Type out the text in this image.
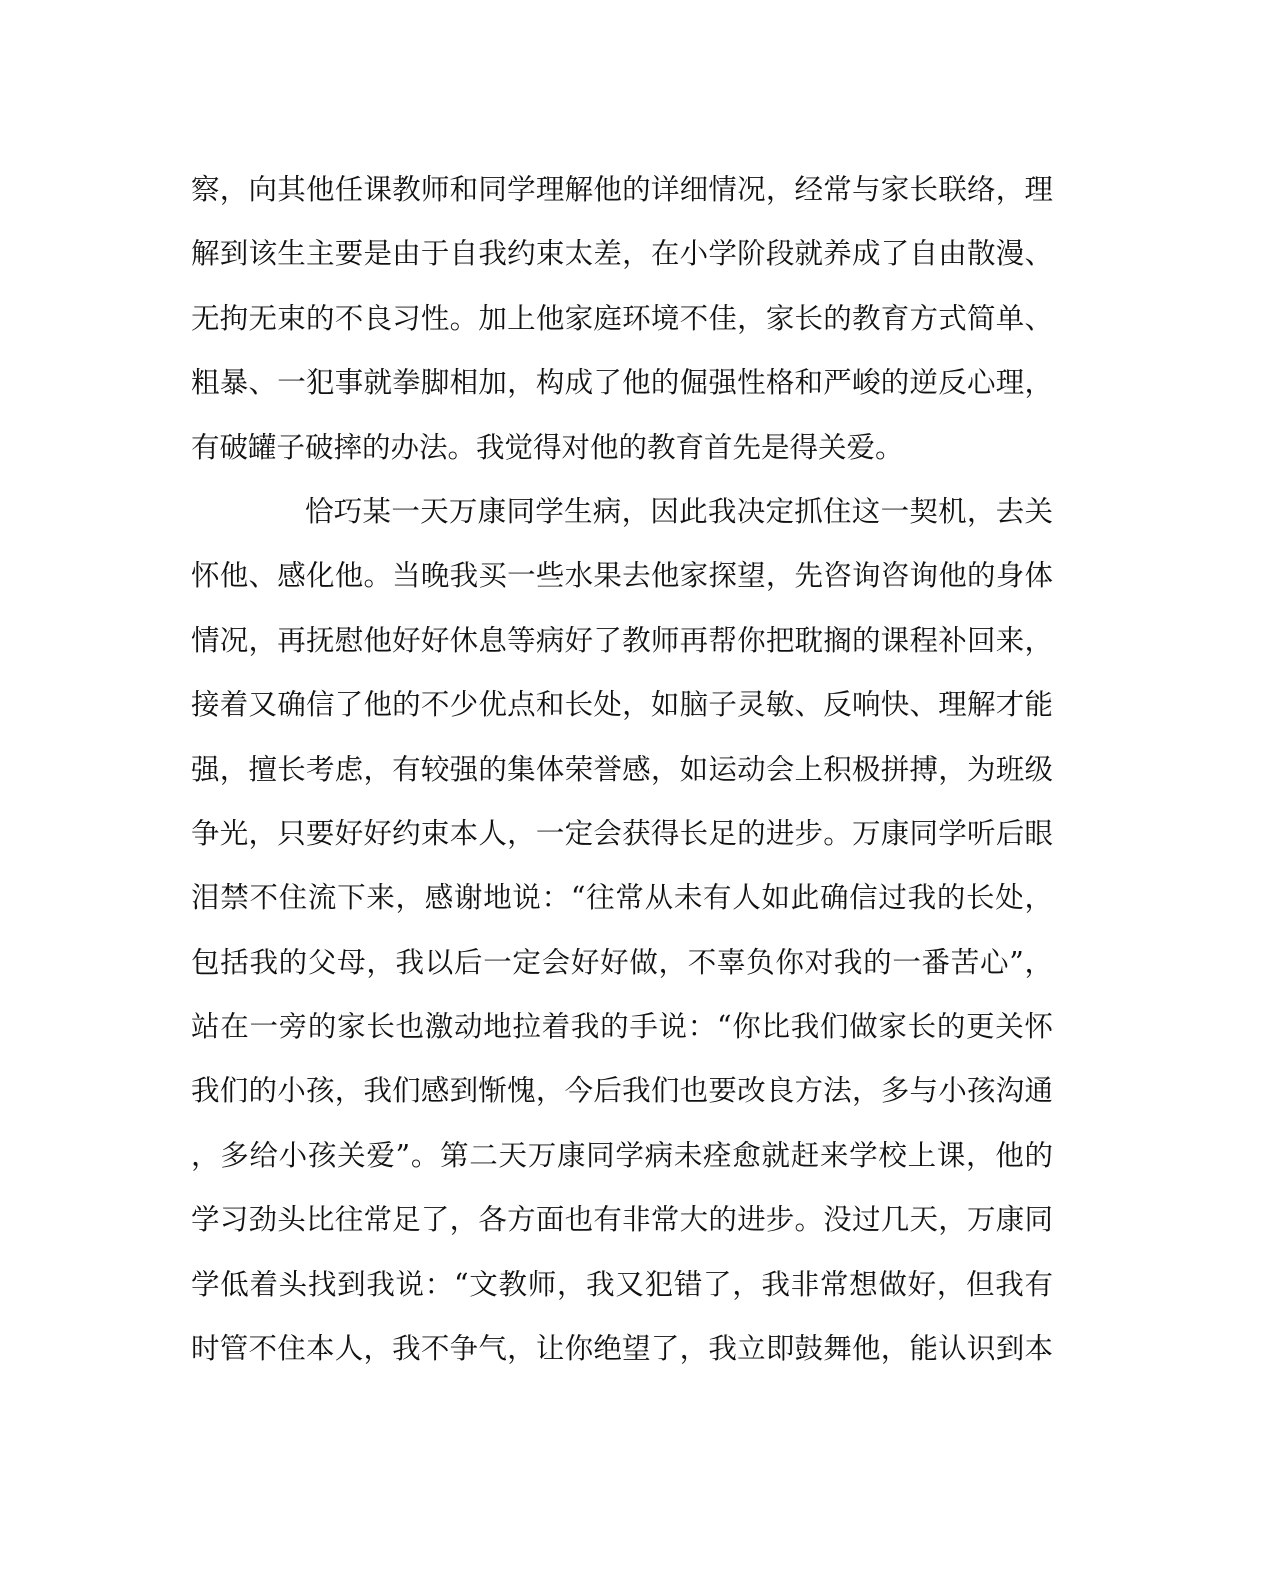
察，向其他任课教师和同学理解他的详细情况，经常与家长联络，理
解到该生主要是由于自我约束太差，在小学阶段就养成了自由散漫、
无拘无束的不良习性。加上他家庭环境不佳，家长的教育方式简单、
粗暴、一犯事就拳脚相加，构成了他的倔强性格和严峻的逆反心理，
有破罐子破摔的办法。我觉得对他的教育首先是得关爱。
恰巧某一天万康同学生病，因此我决定抓住这一契机，去关
怀他、感化他。当晚我买一些水果去他家探望，先咨询咨询他的身体
情况，再抚慰他好好休息等病好了教师再帮你把耽搁的课程补回来，
接着又确信了他的不少优点和长处，如脑子灵敏、反响快、理解才能
强，擅长考虑，有较强的集体荣誉感，如运动会上积极拼搏，为班级
争光，只要好好约束本人，一定会获得长足的进步。万康同学听后眼
泪禁不住流下来，感谢地说：“往常从未有人如此确信过我的长处，
包括我的父母，我以后一定会好好做，不辜负你对我的一番苦心”，
站在一旁的家长也激动地拉着我的手说：“你比我们做家长的更关怀
我们的小孩，我们感到惭愧，今后我们也要改良方法，多与小孩沟通
，多给小孩关爱”。第二天万康同学病未痊愈就赶来学校上课，他的
学习劲头比往常足了，各方面也有非常大的进步。没过几天，万康同
学低着头找到我说：“文教师，我又犯错了，我非常想做好，但我有
时管不住本人，我不争气，让你绝望了，我立即鼓舞他，能认识到本
